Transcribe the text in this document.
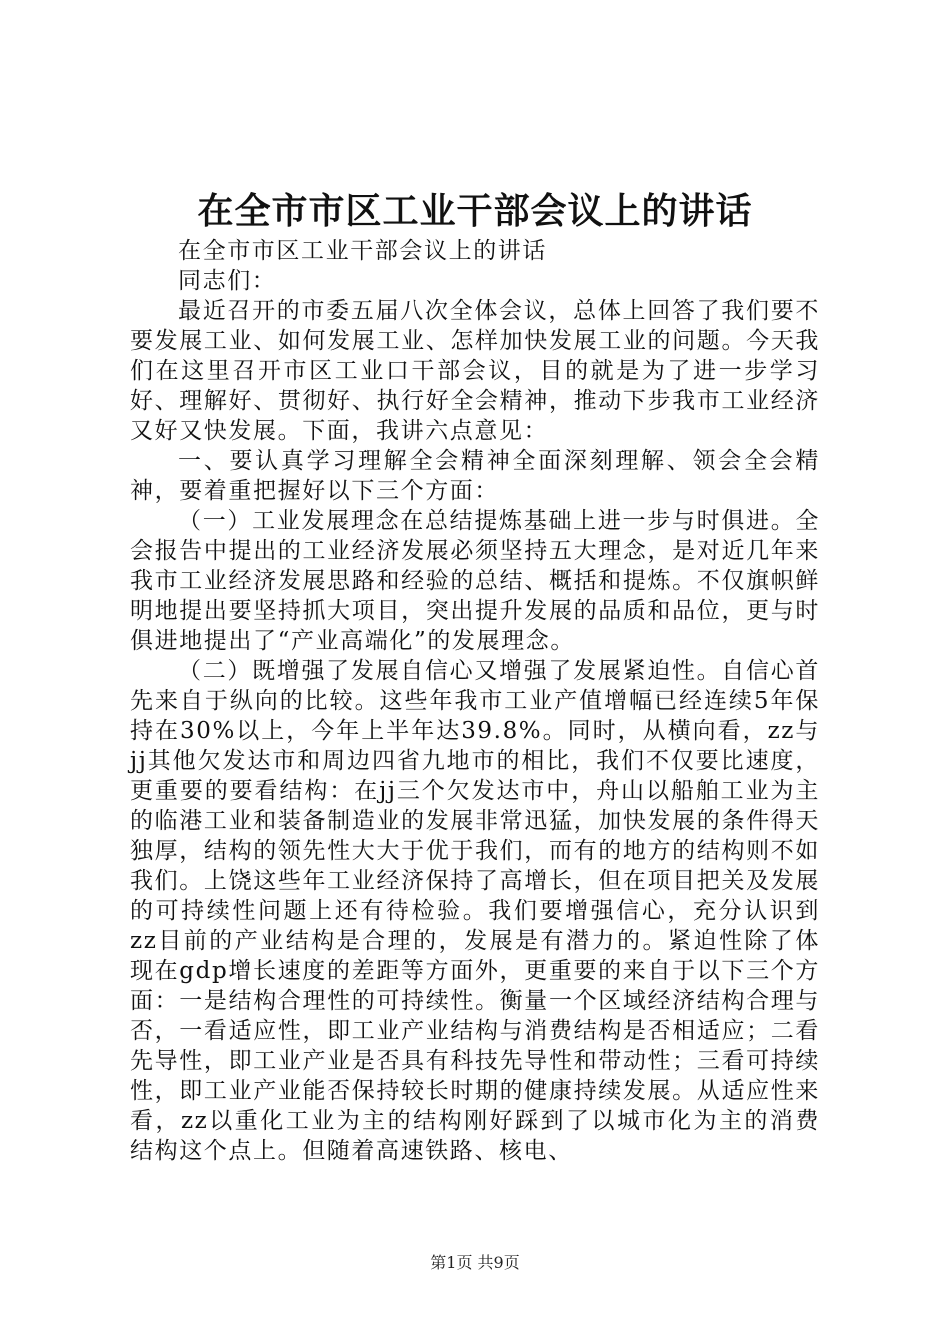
在全市市区工业干部会议上的讲话

在全市市区工业干部会议上的讲话

同志们：

最近召开的市委五届八次全体会议，总体上回答了我们要不要发展工业、如何发展工业、怎样加快发展工业的问题。今天我们在这里召开市区工业口干部会议，目的就是为了进一步学习好、理解好、贯彻好、执行好全会精神，推动下步我市工业经济又好又快发展。下面，我讲六点意见：

一、要认真学习理解全会精神全面深刻理解、领会全会精神，要着重把握好以下三个方面：

（一）工业发展理念在总结提炼基础上进一步与时俱进。全会报告中提出的工业经济发展必须坚持五大理念，是对近几年来我市工业经济发展思路和经验的总结、概括和提炼。不仅旗帜鲜明地提出要坚持抓大项目，突出提升发展的品质和品位，更与时俱进地提出了“产业高端化”的发展理念。

（二）既增强了发展自信心又增强了发展紧迫性。自信心首先来自于纵向的比较。这些年我市工业产值增幅已经连续5年保持在30%以上，今年上半年达39.8%。同时，从横向看，zz与jj其他欠发达市和周边四省九地市的相比，我们不仅要比速度，更重要的要看结构：在jj三个欠发达市中，舟山以船舶工业为主的临港工业和装备制造业的发展非常迅猛，加快发展的条件得天独厚，结构的领先性大大于优于我们，而有的地方的结构则不如我们。上饶这些年工业经济保持了高增长，但在项目把关及发展的可持续性问题上还有待检验。我们要增强信心，充分认识到zz目前的产业结构是合理的，发展是有潜力的。紧迫性除了体现在gdp增长速度的差距等方面外，更重要的来自于以下三个方面：一是结构合理性的可持续性。衡量一个区域经济结构合理与否，一看适应性，即工业产业结构与消费结构是否相适应；二看先导性，即工业产业是否具有科技先导性和带动性；三看可持续性，即工业产业能否保持较长时期的健康持续发展。从适应性来看，zz以重化工业为主的结构刚好踩到了以城市化为主的消费结构这个点上。但随着高速铁路、核电、

第1页 共9页
